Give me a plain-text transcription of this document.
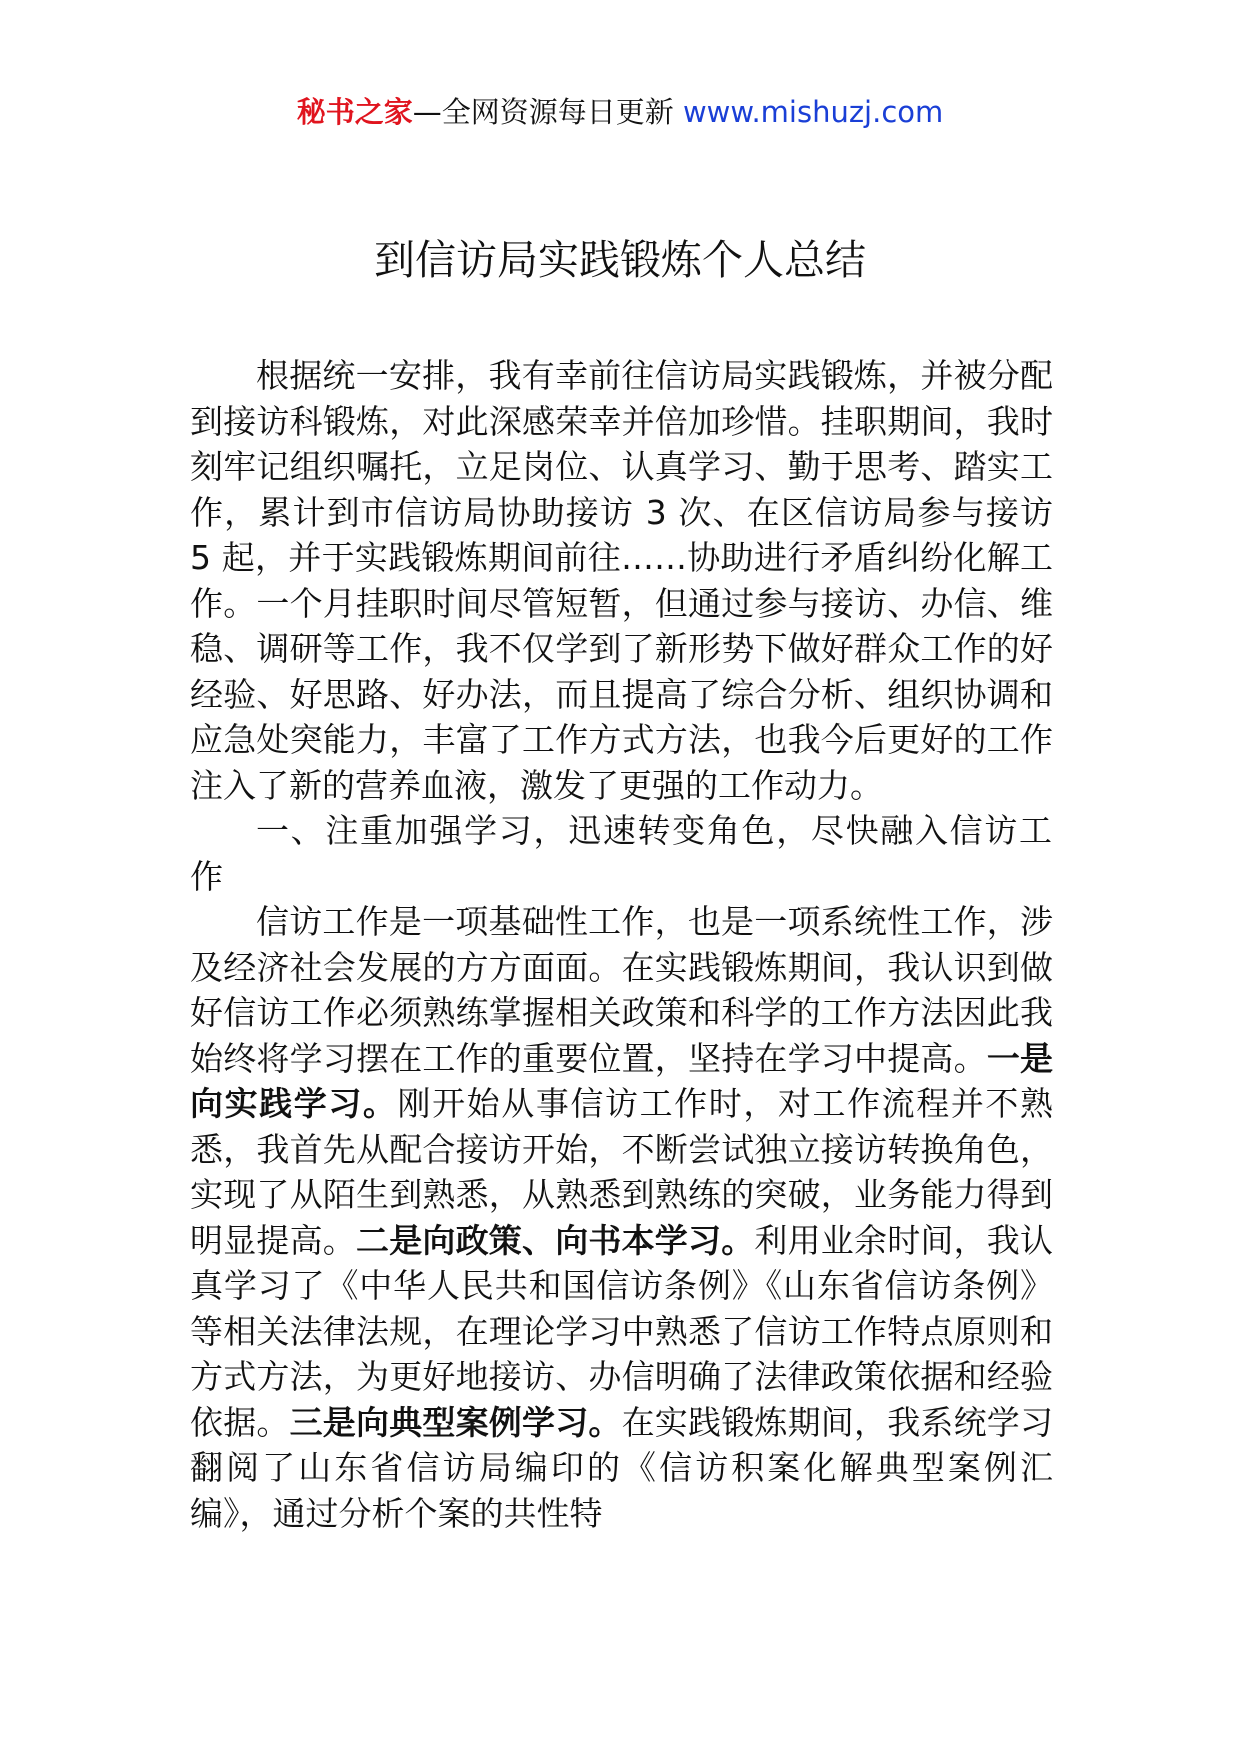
秘书之家—全网资源每日更新 www.mishuzj.com
到信访局实践锻炼个人总结

根据统一安排，我有幸前往信访局实践锻炼，并被分配到接访科锻炼，对此深感荣幸并倍加珍惜。挂职期间，我时刻牢记组织嘱托，立足岗位、认真学习、勤于思考、踏实工作，累计到市信访局协助接访 3 次、在区信访局参与接访 5 起，并于实践锻炼期间前往……协助进行矛盾纠纷化解工作。一个月挂职时间尽管短暂，但通过参与接访、办信、维稳、调研等工作，我不仅学到了新形势下做好群众工作的好经验、好思路、好办法，而且提高了综合分析、组织协调和应急处突能力，丰富了工作方式方法，也我今后更好的工作注入了新的营养血液，激发了更强的工作动力。

一、注重加强学习，迅速转变角色，尽快融入信访工作

信访工作是一项基础性工作，也是一项系统性工作，涉及经济社会发展的方方面面。在实践锻炼期间，我认识到做好信访工作必须熟练掌握相关政策和科学的工作方法因此我始终将学习摆在工作的重要位置，坚持在学习中提高。一是向实践学习。刚开始从事信访工作时，对工作流程并不熟悉，我首先从配合接访开始，不断尝试独立接访转换角色，实现了从陌生到熟悉，从熟悉到熟练的突破，业务能力得到明显提高。二是向政策、向书本学习。利用业余时间，我认真学习了《中华人民共和国信访条例》《山东省信访条例》等相关法律法规，在理论学习中熟悉了信访工作特点原则和方式方法，为更好地接访、办信明确了法律政策依据和经验依据。三是向典型案例学习。在实践锻炼期间，我系统学习翻阅了山东省信访局编印的《信访积案化解典型案例汇编》，通过分析个案的共性特
